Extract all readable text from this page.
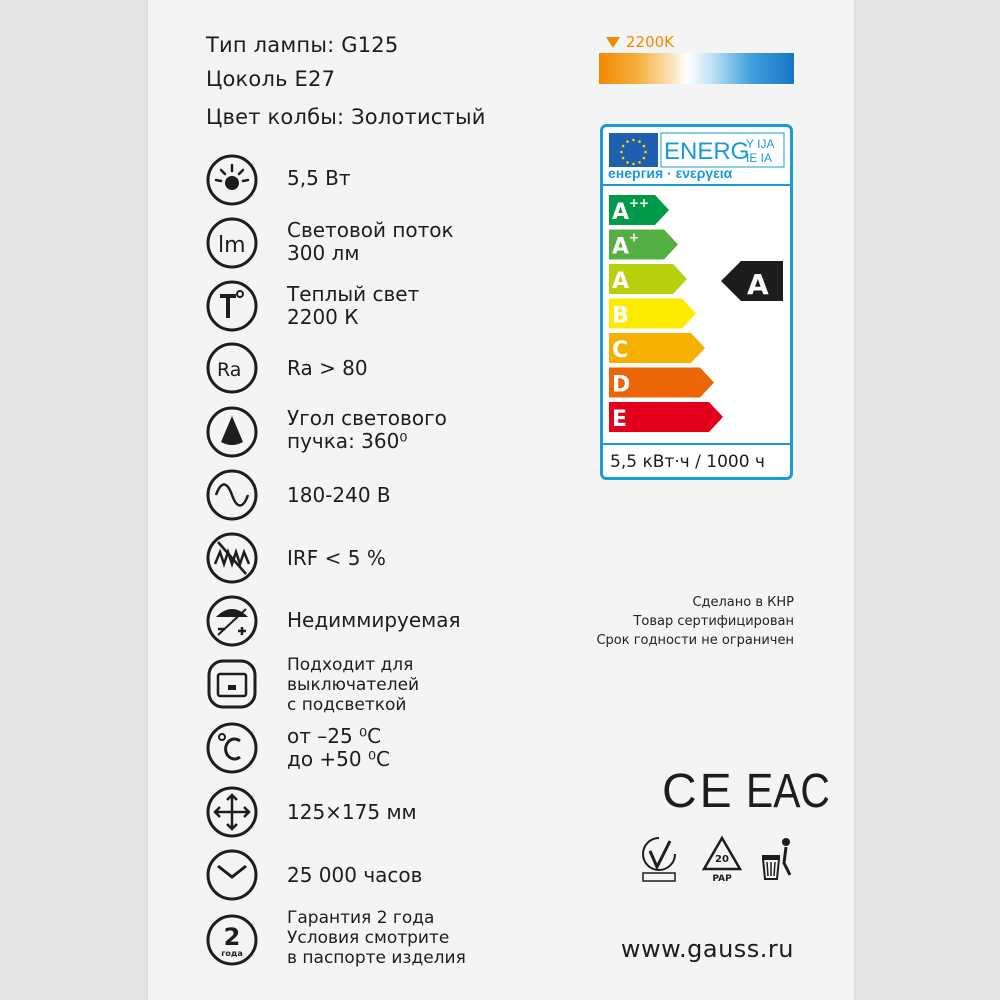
Тип лампы: G125
Цоколь E27
Цвет колбы: Золотистый
2200K
ENERG
Y IJA
IE IA
енергия · ενεργεια
A ++
A +
A
B
C
D
E
A
5,5 кВт·ч / 1000 ч
lm
Ra
2
года
5,5 Вт
Световой поток
300 лм
Теплый свет
2200 К
Ra > 80
Угол светового
пучка: 360⁰
180-240 В
IRF < 5 %
Недиммируемая
Подходит для
выключателей
с подсветкой
от –25 ⁰С
до +50 ⁰С
125×175 мм
25 000 часов
Гарантия 2 года
Условия смотрите
в паспорте изделия
Сделано в КНР
Товар сертифицирован
Срок годности не ограничен
CE EAC
20
PAP
www.gauss.ru
